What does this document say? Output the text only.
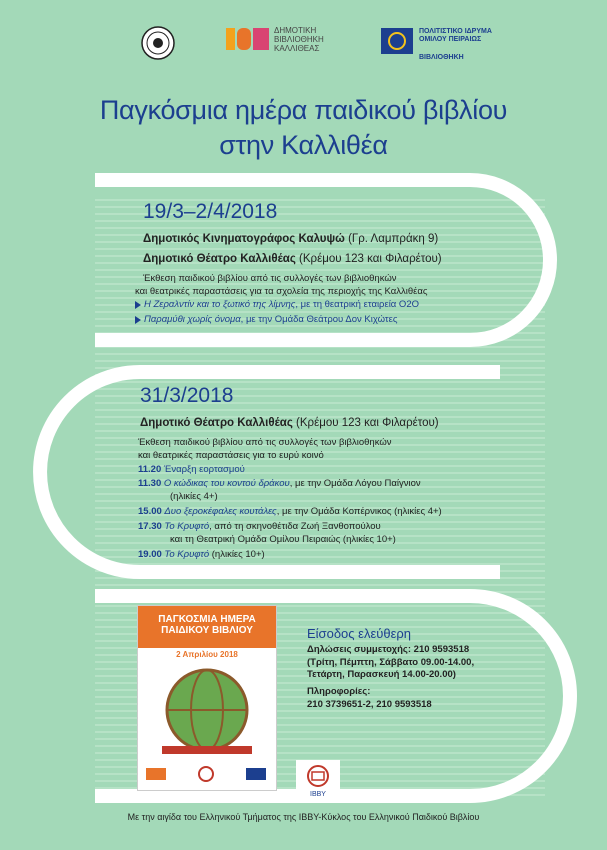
ΔΗΜΟΤΙΚΗ ΒΙΒΛΙΟΘΗΚΗ ΚΑΛΛΙΘΕΑΣ
ΠΟΛΙΤΙΣΤΙΚΟ ΙΔΡΥΜΑ ΟΜΙΛΟΥ ΠΕΙΡΑΙΩΣ
ΒΙΒΛΙΟΘΗΚΗ
Παγκόσμια ημέρα παιδικού βιβλίου
στην Καλλιθέα
19/3–2/4/2018
Δημοτικός Κινηματογράφος Καλυψώ (Γρ. Λαμπράκη 9)
Δημοτικό Θέατρο Καλλιθέας (Κρέμου 123 και Φιλαρέτου)
Έκθεση παιδικού βιβλίου από τις συλλογές των βιβλιοθηκών
και θεατρικές παραστάσεις για τα σχολεία της περιοχής της Καλλιθέας
Η Ζεραλντίν και το ξωτικό της λίμνης, με τη θεατρική εταιρεία Ο2Ο
Παραμύθι χωρίς όνομα, με την Ομάδα Θεάτρου Δον Κιχώτες
31/3/2018
Δημοτικό Θέατρο Καλλιθέας (Κρέμου 123 και Φιλαρέτου)
Έκθεση παιδικού βιβλίου από τις συλλογές των βιβλιοθηκών
και θεατρικές παραστάσεις για το ευρύ κοινό
11.20 Έναρξη εορτασμού
11.30 Ο κώδικας του κοντού δράκου, με την Ομάδα Λόγου Παίγνιον
(ηλικίες 4+)
15.00 Δυο ξεροκέφαλες κουτάλες, με την Ομάδα Κοπέρνικος (ηλικίες 4+)
17.30 Το Κρυφτό, από τη σκηνοθέτιδα Ζωή Ξανθοπούλου
και τη Θεατρική Ομάδα Ομίλου Πειραιώς (ηλικίες 10+)
19.00 Το Κρυφτό (ηλικίες 10+)
ΠΑΓΚΟΣΜΙΑ ΗΜΕΡΑ
ΠΑΙΔΙΚΟΥ ΒΙΒΛΙΟΥ
2 Απριλίου 2018
Είσοδος ελεύθερη
Δηλώσεις συμμετοχής: 210 9593518
(Τρίτη, Πέμπτη, Σάββατο 09.00-14.00,
Τετάρτη, Παρασκευή 14.00-20.00)
Πληροφορίες:
210 3739651-2, 210 9593518
IBBY
Με την αιγίδα του Ελληνικού Τμήματος της IBBY-Κύκλος του Ελληνικού Παιδικού Βιβλίου
